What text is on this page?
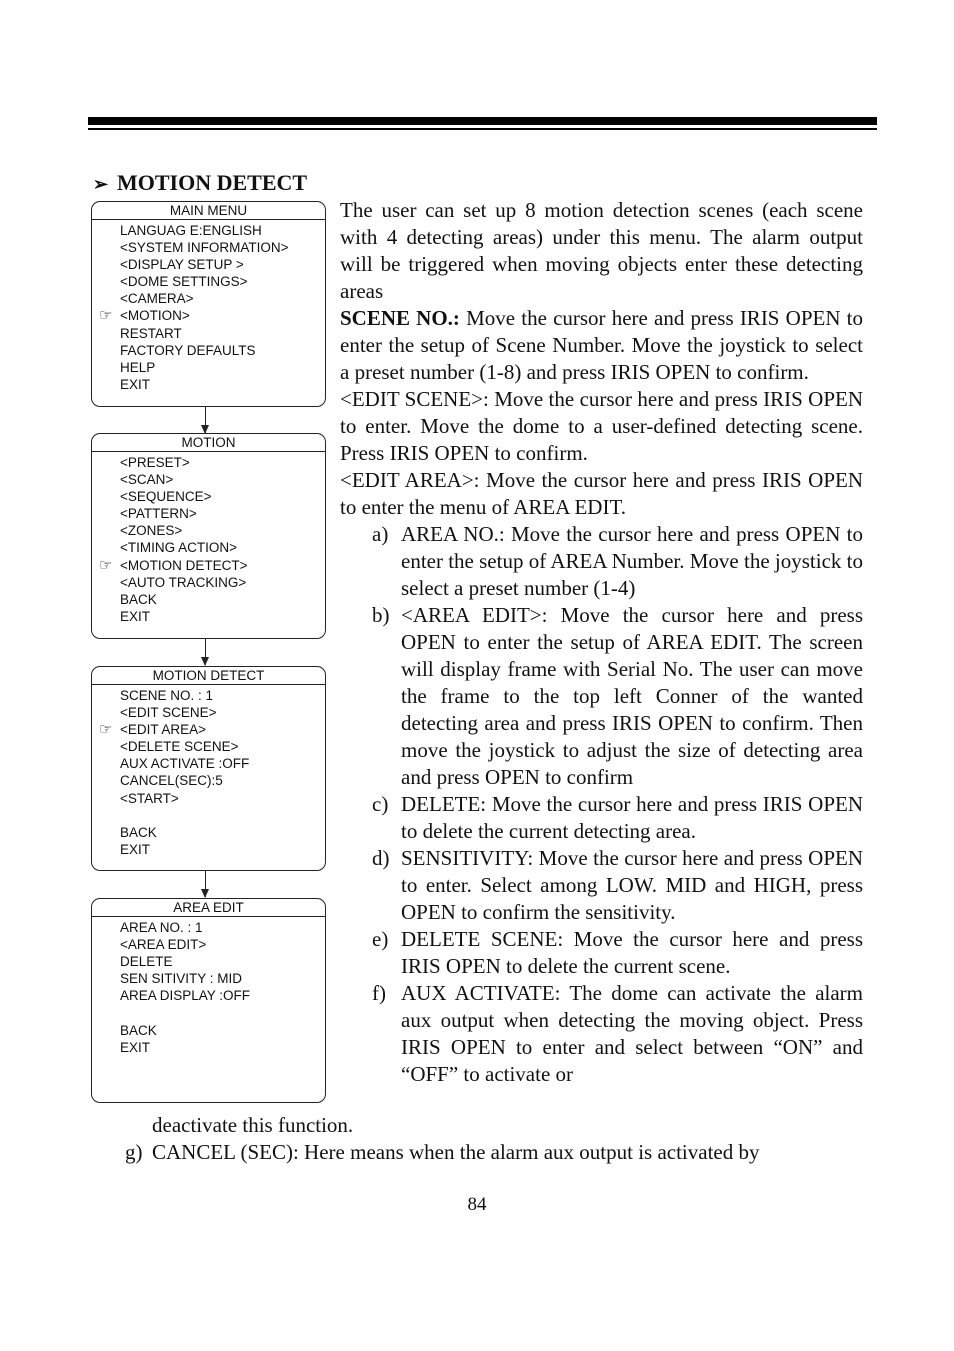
➢ MOTION DETECT
MAIN MENU
LANGUAG E:ENGLISH
<SYSTEM INFORMATION>
<DISPLAY SETUP >
<DOME SETTINGS>
<CAMERA>
☞ <MOTION>
RESTART
FACTORY DEFAULTS
HELP
EXIT
MOTION
<PRESET>
<SCAN>
<SEQUENCE>
<PATTERN>
<ZONES>
<TIMING ACTION>
☞ <MOTION DETECT>
<AUTO TRACKING>
BACK
EXIT
MOTION DETECT
SCENE NO. : 1
<EDIT SCENE>
☞ <EDIT AREA>
<DELETE SCENE>
AUX ACTIVATE :OFF
CANCEL(SEC):5
<START>
BACK
EXIT
AREA EDIT
AREA NO. : 1
<AREA EDIT>
DELETE
SEN SITIVITY : MID
AREA DISPLAY :OFF
BACK
EXIT

The user can set up 8 motion detection scenes (each scene with 4 detecting areas) under this menu. The alarm output will be triggered when moving objects enter these detecting areas

SCENE NO.: Move the cursor here and press IRIS OPEN to enter the setup of Scene Number. Move the joystick to select a preset number (1-8) and press IRIS OPEN to confirm.

<EDIT SCENE>: Move the cursor here and press IRIS OPEN to enter. Move the dome to a user-defined detecting scene. Press IRIS OPEN to confirm.

<EDIT AREA>: Move the cursor here and press IRIS OPEN to enter the menu of AREA EDIT.

a) AREA NO.: Move the cursor here and press OPEN to enter the setup of AREA Number. Move the joystick to select a preset number (1-4)
b) <AREA EDIT>: Move the cursor here and press OPEN to enter the setup of AREA EDIT. The screen will display frame with Serial No. The user can move the frame to the top left Conner of the wanted detecting area and press IRIS OPEN to confirm. Then move the joystick to adjust the size of detecting area and press OPEN to confirm
c) DELETE: Move the cursor here and press IRIS OPEN to delete the current detecting area.
d) SENSITIVITY: Move the cursor here and press OPEN to enter. Select among LOW. MID and HIGH, press OPEN to confirm the sensitivity.
e) DELETE SCENE: Move the cursor here and press IRIS OPEN to delete the current scene.
f) AUX ACTIVATE: The dome can activate the alarm aux output when detecting the moving object. Press IRIS OPEN to enter and select between “ON” and “OFF” to activate or

deactivate this function.

g) CANCEL (SEC): Here means when the alarm aux output is activated by

84
